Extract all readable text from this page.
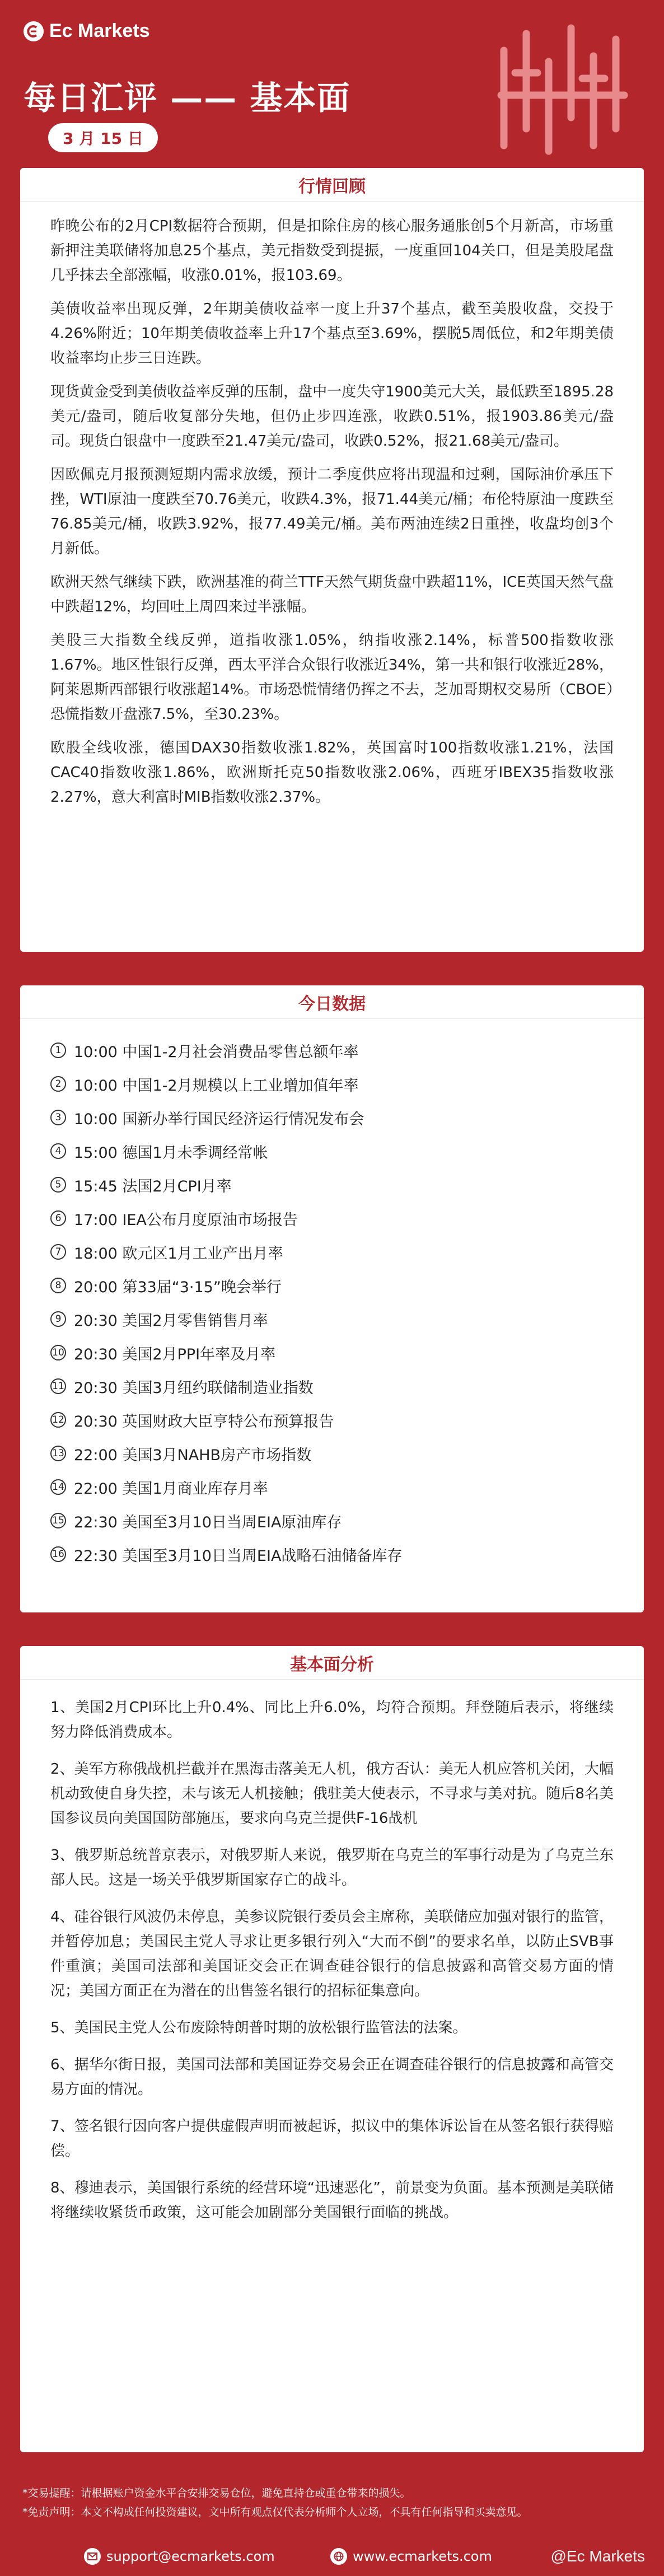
Ec Markets
每日汇评 —— 基本面
3 月 15 日
行情回顾

昨晚公布的2月CPI数据符合预期，但是扣除住房的核心服务通胀创5个月新高，市场重新押注美联储将加息25个基点，美元指数受到提振，一度重回104关口，但是美股尾盘几乎抹去全部涨幅，收涨0.01%，报103.69。

美债收益率出现反弹，2年期美债收益率一度上升37个基点，截至美股收盘，交投于4.26%附近；10年期美债收益率上升17个基点至3.69%，摆脱5周低位，和2年期美债收益率均止步三日连跌。

现货黄金受到美债收益率反弹的压制，盘中一度失守1900美元大关，最低跌至1895.28美元/盎司，随后收复部分失地，但仍止步四连涨，收跌0.51%，报1903.86美元/盎司。现货白银盘中一度跌至21.47美元/盎司，收跌0.52%，报21.68美元/盎司。

因欧佩克月报预测短期内需求放缓，预计二季度供应将出现温和过剩，国际油价承压下挫，WTI原油一度跌至70.76美元，收跌4.3%，报71.44美元/桶；布伦特原油一度跌至76.85美元/桶，收跌3.92%，报77.49美元/桶。美布两油连续2日重挫，收盘均创3个月新低。

欧洲天然气继续下跌，欧洲基准的荷兰TTF天然气期货盘中跌超11%，ICE英国天然气盘中跌超12%，均回吐上周四来过半涨幅。

美股三大指数全线反弹，道指收涨1.05%，纳指收涨2.14%，标普500指数收涨1.67%。地区性银行反弹，西太平洋合众银行收涨近34%，第一共和银行收涨近28%，阿莱恩斯西部银行收涨超14%。市场恐慌情绪仍挥之不去，芝加哥期权交易所（CBOE）恐慌指数开盘涨7.5%，至30.23%。

欧股全线收涨，德国DAX30指数收涨1.82%，英国富时100指数收涨1.21%，法国CAC40指数收涨1.86%，欧洲斯托克50指数收涨2.06%，西班牙IBEX35指数收涨2.27%，意大利富时MIB指数收涨2.37%。

今日数据
1 10:00 中国1-2月社会消费品零售总额年率
2 10:00 中国1-2月规模以上工业增加值年率
3 10:00 国新办举行国民经济运行情况发布会
4 15:00 德国1月未季调经常帐
5 15:45 法国2月CPI月率
6 17:00 IEA公布月度原油市场报告
7 18:00 欧元区1月工业产出月率
8 20:00 第33届“3·15”晚会举行
9 20:30 美国2月零售销售月率
10 20:30 美国2月PPI年率及月率
11 20:30 美国3月纽约联储制造业指数
12 20:30 英国财政大臣亨特公布预算报告
13 22:00 美国3月NAHB房产市场指数
14 22:00 美国1月商业库存月率
15 22:30 美国至3月10日当周EIA原油库存
16 22:30 美国至3月10日当周EIA战略石油储备库存
基本面分析

1、美国2月CPI环比上升0.4%、同比上升6.0%，均符合预期。拜登随后表示，将继续努力降低消费成本。

2、美军方称俄战机拦截并在黑海击落美无人机，俄方否认：美无人机应答机关闭，大幅机动致使自身失控，未与该无人机接触；俄驻美大使表示，不寻求与美对抗。随后8名美国参议员向美国国防部施压，要求向乌克兰提供F-16战机

3、俄罗斯总统普京表示，对俄罗斯人来说，俄罗斯在乌克兰的军事行动是为了乌克兰东部人民。这是一场关乎俄罗斯国家存亡的战斗。

4、硅谷银行风波仍未停息，美参议院银行委员会主席称，美联储应加强对银行的监管，并暂停加息；美国民主党人寻求让更多银行列入“大而不倒”的要求名单，以防止SVB事件重演；美国司法部和美国证交会正在调查硅谷银行的信息披露和高管交易方面的情况；美国方面正在为潜在的出售签名银行的招标征集意向。

5、美国民主党人公布废除特朗普时期的放松银行监管法的法案。

6、据华尔街日报，美国司法部和美国证券交易会正在调查硅谷银行的信息披露和高管交易方面的情况。

7、签名银行因向客户提供虚假声明而被起诉，拟议中的集体诉讼旨在从签名银行获得赔偿。

8、穆迪表示，美国银行系统的经营环境“迅速恶化”，前景变为负面。基本预测是美联储将继续收紧货币政策，这可能会加剧部分美国银行面临的挑战。

*交易提醒：请根据账户资金水平合安排交易仓位，避免直持仓或重仓带来的损失。
*免责声明：本文不构成任何投资建议，文中所有观点仅代表分析师个人立场，不具有任何指导和买卖意见。
support@ecmarkets.com	www.ecmarkets.com	@Ec Markets
